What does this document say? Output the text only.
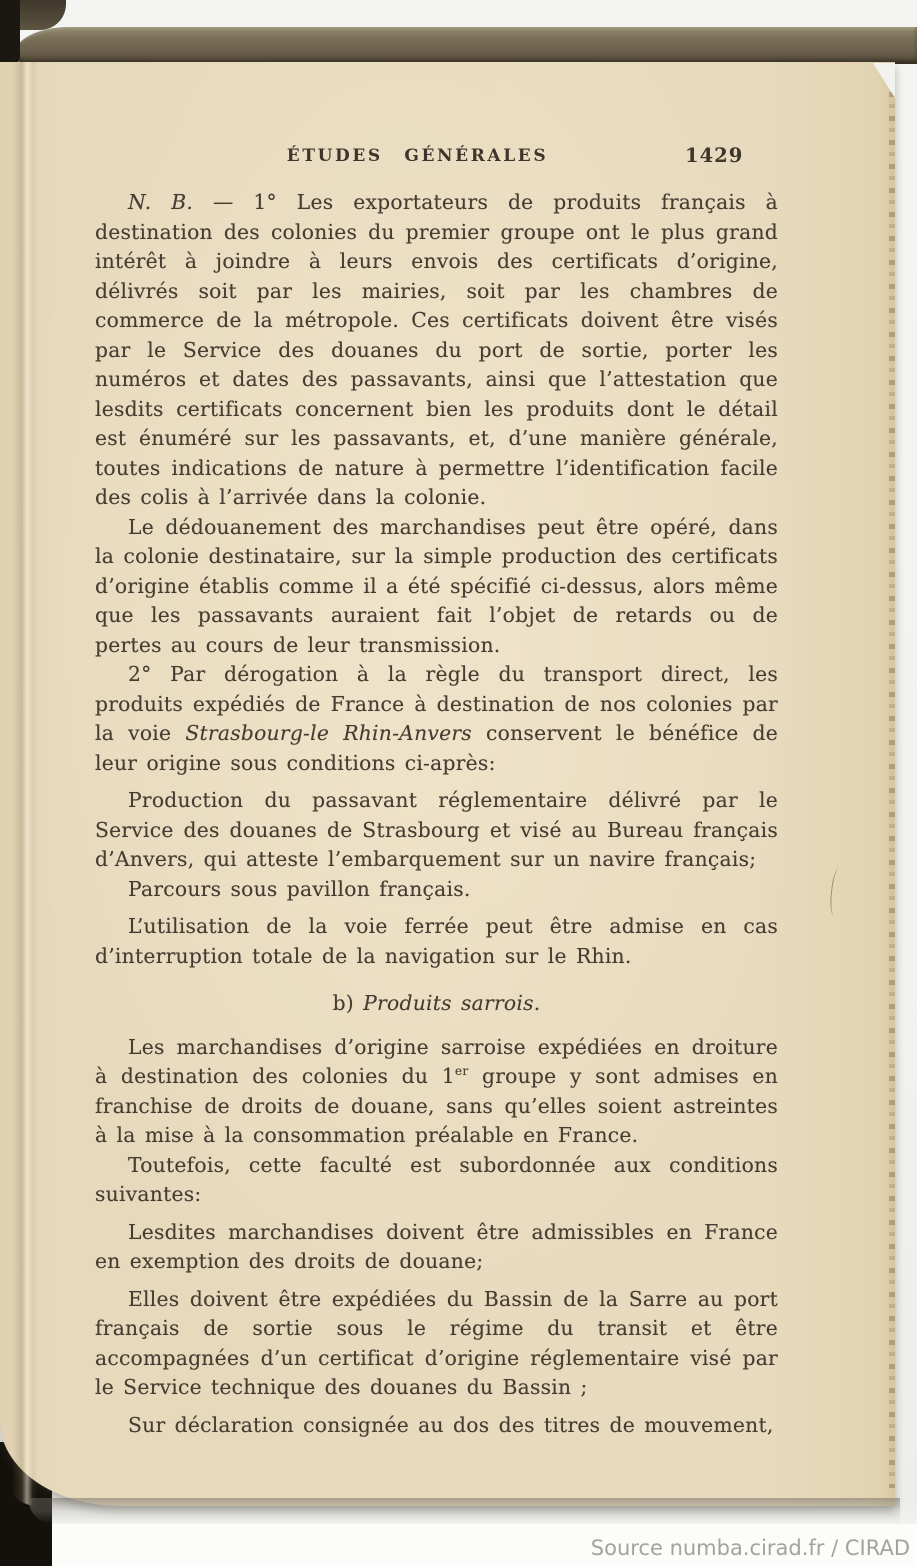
ÉTUDES GÉNÉRALES	1429

N. B. — 1° Les exportateurs de produits français à destination des colonies du premier groupe ont le plus grand intérêt à joindre à leurs envois des certificats d’origine, délivrés soit par les mairies, soit par les chambres de commerce de la métropole. Ces certificats doivent être visés par le Service des douanes du port de sortie, porter les numéros et dates des passavants, ainsi que l’attestation que lesdits certificats concernent bien les produits dont le détail est énuméré sur les passavants, et, d’une manière générale, toutes indications de nature à permettre l’identification facile des colis à l’arrivée dans la colonie.

Le dédouanement des marchandises peut être opéré, dans la colonie destinataire, sur la simple production des certificats d’origine établis comme il a été spécifié ci-dessus, alors même que les passavants auraient fait l’objet de retards ou de pertes au cours de leur transmission.

2° Par dérogation à la règle du transport direct, les produits expédiés de France à destination de nos colonies par la voie Strasbourg-le Rhin-Anvers conservent le bénéfice de leur origine sous conditions ci-après:

Production du passavant réglementaire délivré par le Service des douanes de Strasbourg et visé au Bureau français d’Anvers, qui atteste l’embarquement sur un navire français;

Parcours sous pavillon français.

L’utilisation de la voie ferrée peut être admise en cas d’interruption totale de la navigation sur le Rhin.

b) Produits sarrois.

Les marchandises d’origine sarroise expédiées en droiture à destination des colonies du 1er groupe y sont admises en franchise de droits de douane, sans qu’elles soient astreintes à la mise à la consommation préalable en France.

Toutefois, cette faculté est subordonnée aux conditions suivantes:

Lesdites marchandises doivent être admissibles en France en exemption des droits de douane;

Elles doivent être expédiées du Bassin de la Sarre au port français de sortie sous le régime du transit et être accompagnées d’un certificat d’origine réglementaire visé par le Service technique des douanes du Bassin ;

Sur déclaration consignée au dos des titres de mouvement,

Source numba.cirad.fr / CIRAD
